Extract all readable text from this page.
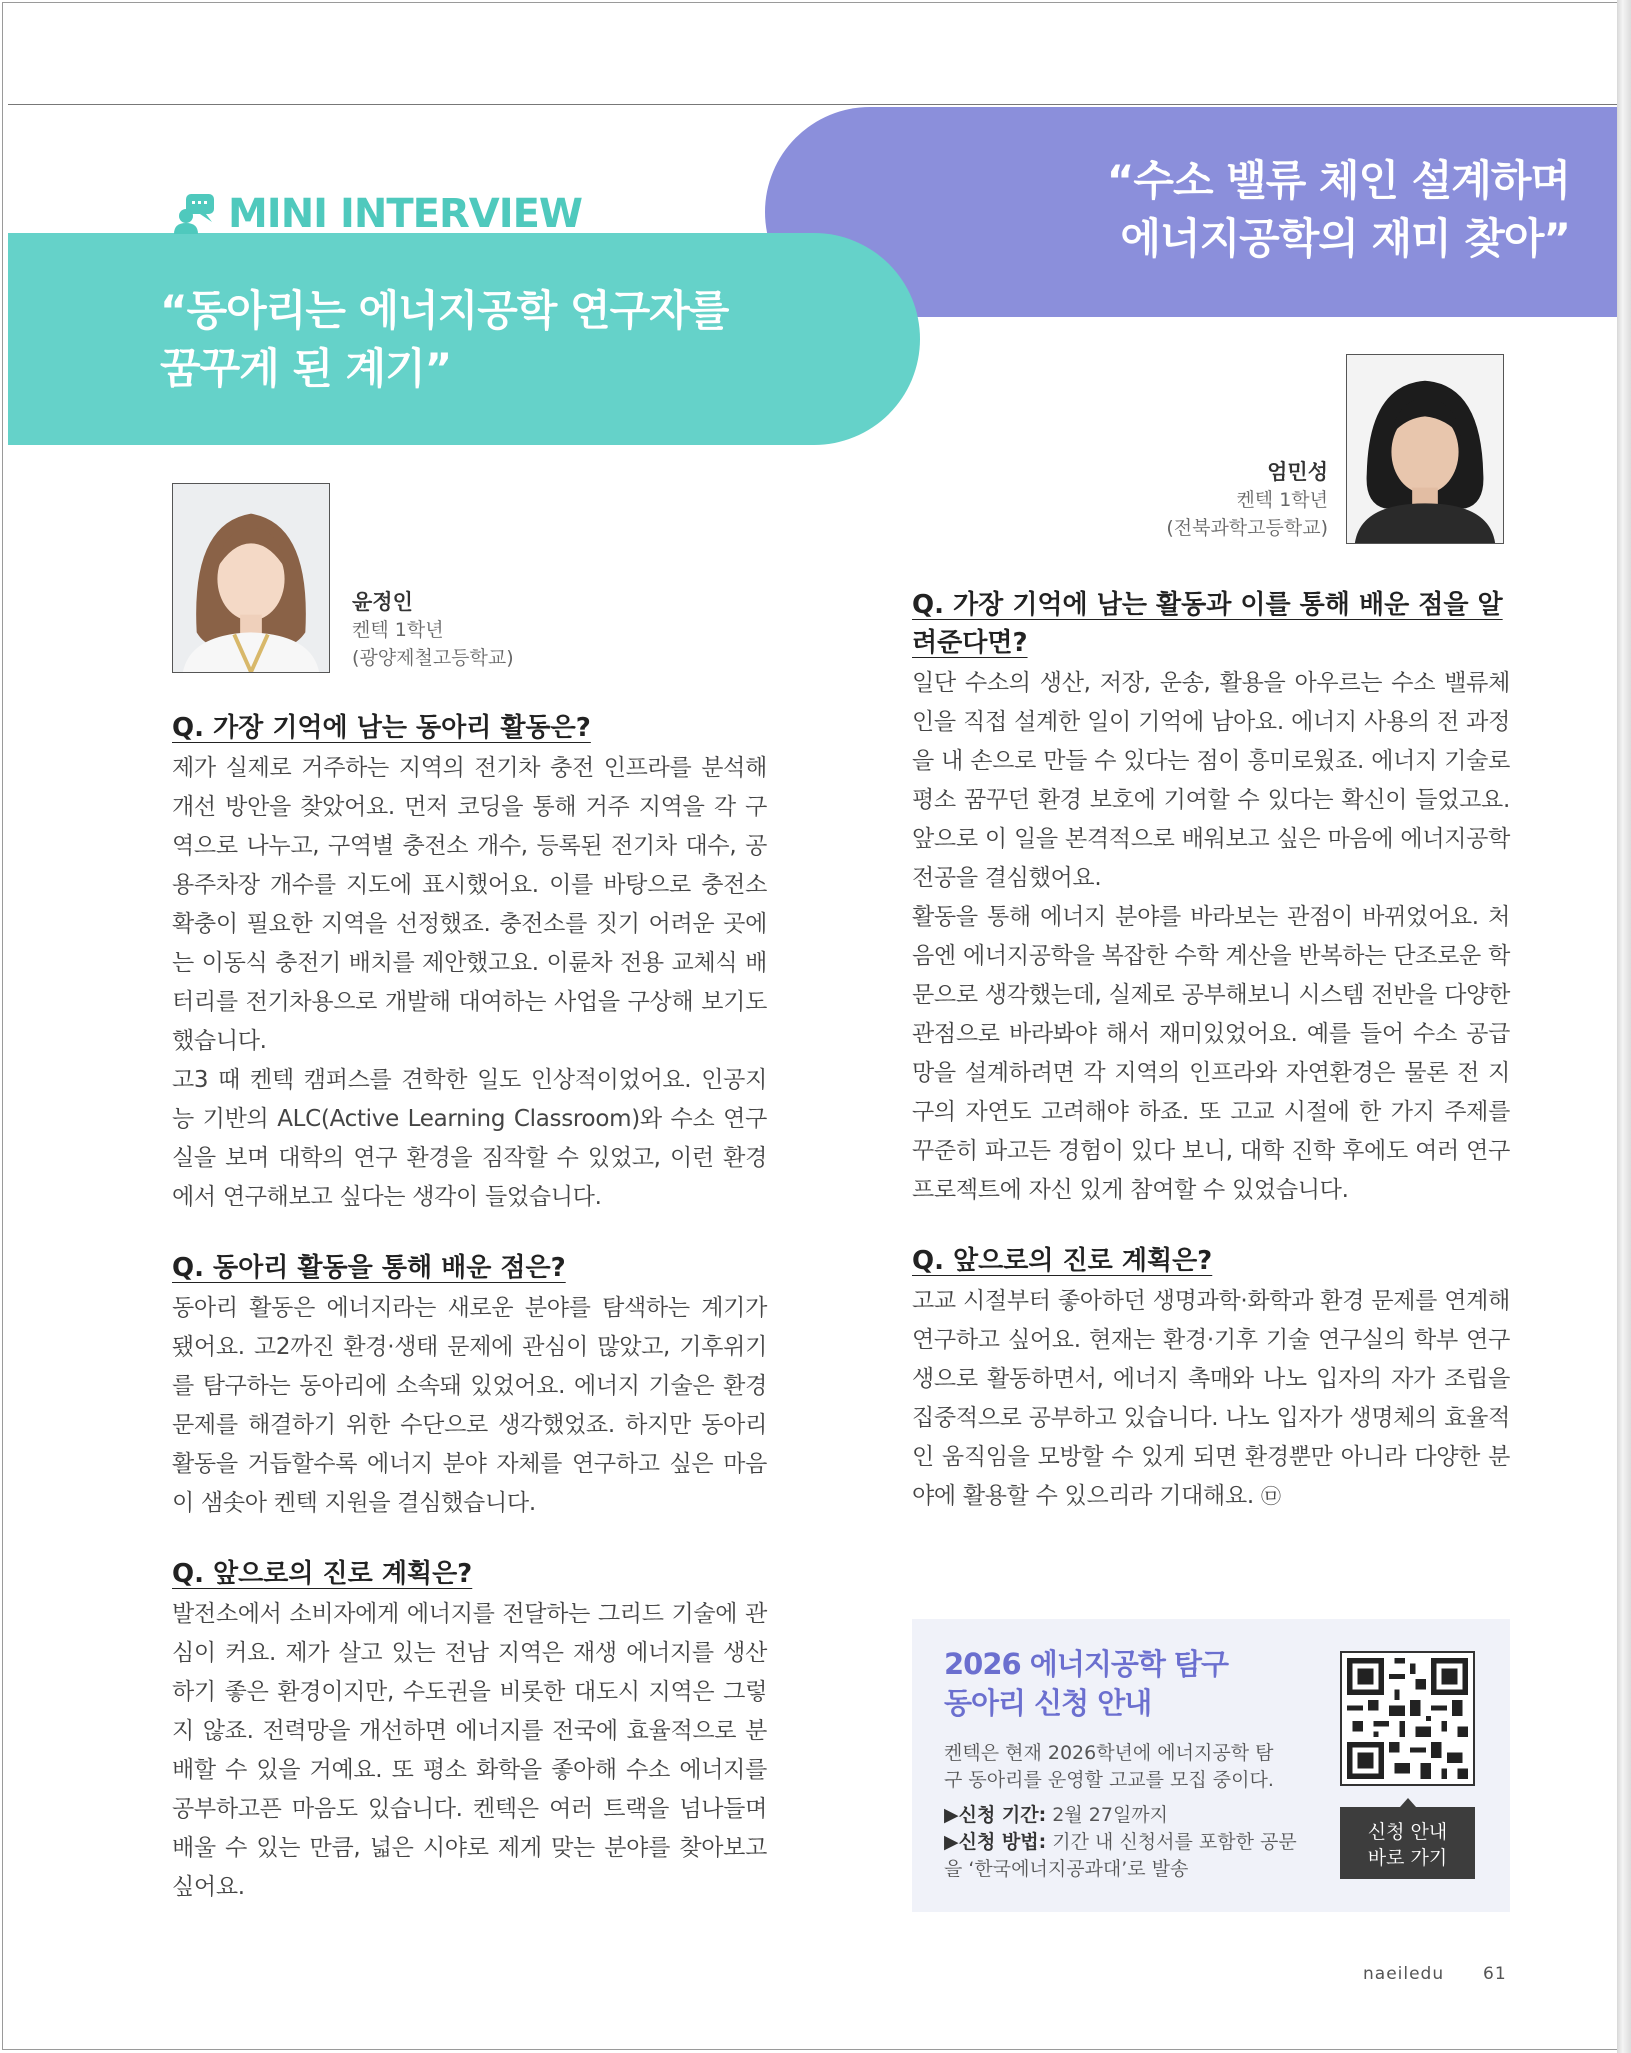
“수소 밸류 체인 설계하며
에너지공학의 재미 찾아”
MINI INTERVIEW
“동아리는 에너지공학 연구자를
꿈꾸게 된 계기”
엄민성
켄텍 1학년
(전북과학고등학교)
윤정인
켄텍 1학년
(광양제철고등학교)
Q. 가장 기억에 남는 동아리 활동은?

제가 실제로 거주하는 지역의 전기차 충전 인프라를 분석해 개선 방안을 찾았어요. 먼저 코딩을 통해 거주 지역을 각 구역으로 나누고, 구역별 충전소 개수, 등록된 전기차 대수, 공용주차장 개수를 지도에 표시했어요. 이를 바탕으로 충전소 확충이 필요한 지역을 선정했죠. 충전소를 짓기 어려운 곳에는 이동식 충전기 배치를 제안했고요. 이륜차 전용 교체식 배터리를 전기차용으로 개발해 대여하는 사업을 구상해 보기도 했습니다.

고3 때 켄텍 캠퍼스를 견학한 일도 인상적이었어요. 인공지능 기반의 ALC(Active Learning Classroom)와 수소 연구실을 보며 대학의 연구 환경을 짐작할 수 있었고, 이런 환경에서 연구해보고 싶다는 생각이 들었습니다.

Q. 동아리 활동을 통해 배운 점은?

동아리 활동은 에너지라는 새로운 분야를 탐색하는 계기가 됐어요. 고2까진 환경·생태 문제에 관심이 많았고, 기후위기를 탐구하는 동아리에 소속돼 있었어요. 에너지 기술은 환경 문제를 해결하기 위한 수단으로 생각했었죠. 하지만 동아리 활동을 거듭할수록 에너지 분야 자체를 연구하고 싶은 마음이 샘솟아 켄텍 지원을 결심했습니다.

Q. 앞으로의 진로 계획은?

발전소에서 소비자에게 에너지를 전달하는 그리드 기술에 관심이 커요. 제가 살고 있는 전남 지역은 재생 에너지를 생산하기 좋은 환경이지만, 수도권을 비롯한 대도시 지역은 그렇지 않죠. 전력망을 개선하면 에너지를 전국에 효율적으로 분배할 수 있을 거예요. 또 평소 화학을 좋아해 수소 에너지를 공부하고픈 마음도 있습니다. 켄텍은 여러 트랙을 넘나들며 배울 수 있는 만큼, 넓은 시야로 제게 맞는 분야를 찾아보고 싶어요.

Q. 가장 기억에 남는 활동과 이를 통해 배운 점을 알려준다면?

일단 수소의 생산, 저장, 운송, 활용을 아우르는 수소 밸류체인을 직접 설계한 일이 기억에 남아요. 에너지 사용의 전 과정을 내 손으로 만들 수 있다는 점이 흥미로웠죠. 에너지 기술로 평소 꿈꾸던 환경 보호에 기여할 수 있다는 확신이 들었고요. 앞으로 이 일을 본격적으로 배워보고 싶은 마음에 에너지공학 전공을 결심했어요.

활동을 통해 에너지 분야를 바라보는 관점이 바뀌었어요. 처음엔 에너지공학을 복잡한 수학 계산을 반복하는 단조로운 학문으로 생각했는데, 실제로 공부해보니 시스템 전반을 다양한 관점으로 바라봐야 해서 재미있었어요. 예를 들어 수소 공급망을 설계하려면 각 지역의 인프라와 자연환경은 물론 전 지구의 자연도 고려해야 하죠. 또 고교 시절에 한 가지 주제를 꾸준히 파고든 경험이 있다 보니, 대학 진학 후에도 여러 연구 프로젝트에 자신 있게 참여할 수 있었습니다.

Q. 앞으로의 진로 계획은?

고교 시절부터 좋아하던 생명과학·화학과 환경 문제를 연계해 연구하고 싶어요. 현재는 환경·기후 기술 연구실의 학부 연구생으로 활동하면서, 에너지 촉매와 나노 입자의 자가 조립을 집중적으로 공부하고 있습니다. 나노 입자가 생명체의 효율적인 움직임을 모방할 수 있게 되면 환경뿐만 아니라 다양한 분야에 활용할 수 있으리라 기대해요. ㉤

2026 에너지공학 탐구
동아리 신청 안내
켄텍은 현재 2026학년에 에너지공학 탐구 동아리를 운영할 고교를 모집 중이다.
▶신청 기간: 2월 27일까지
▶신청 방법: 기간 내 신청서를 포함한 공문을 ‘한국에너지공과대’로 발송
신청 안내
바로 가기
naeiledu 61
